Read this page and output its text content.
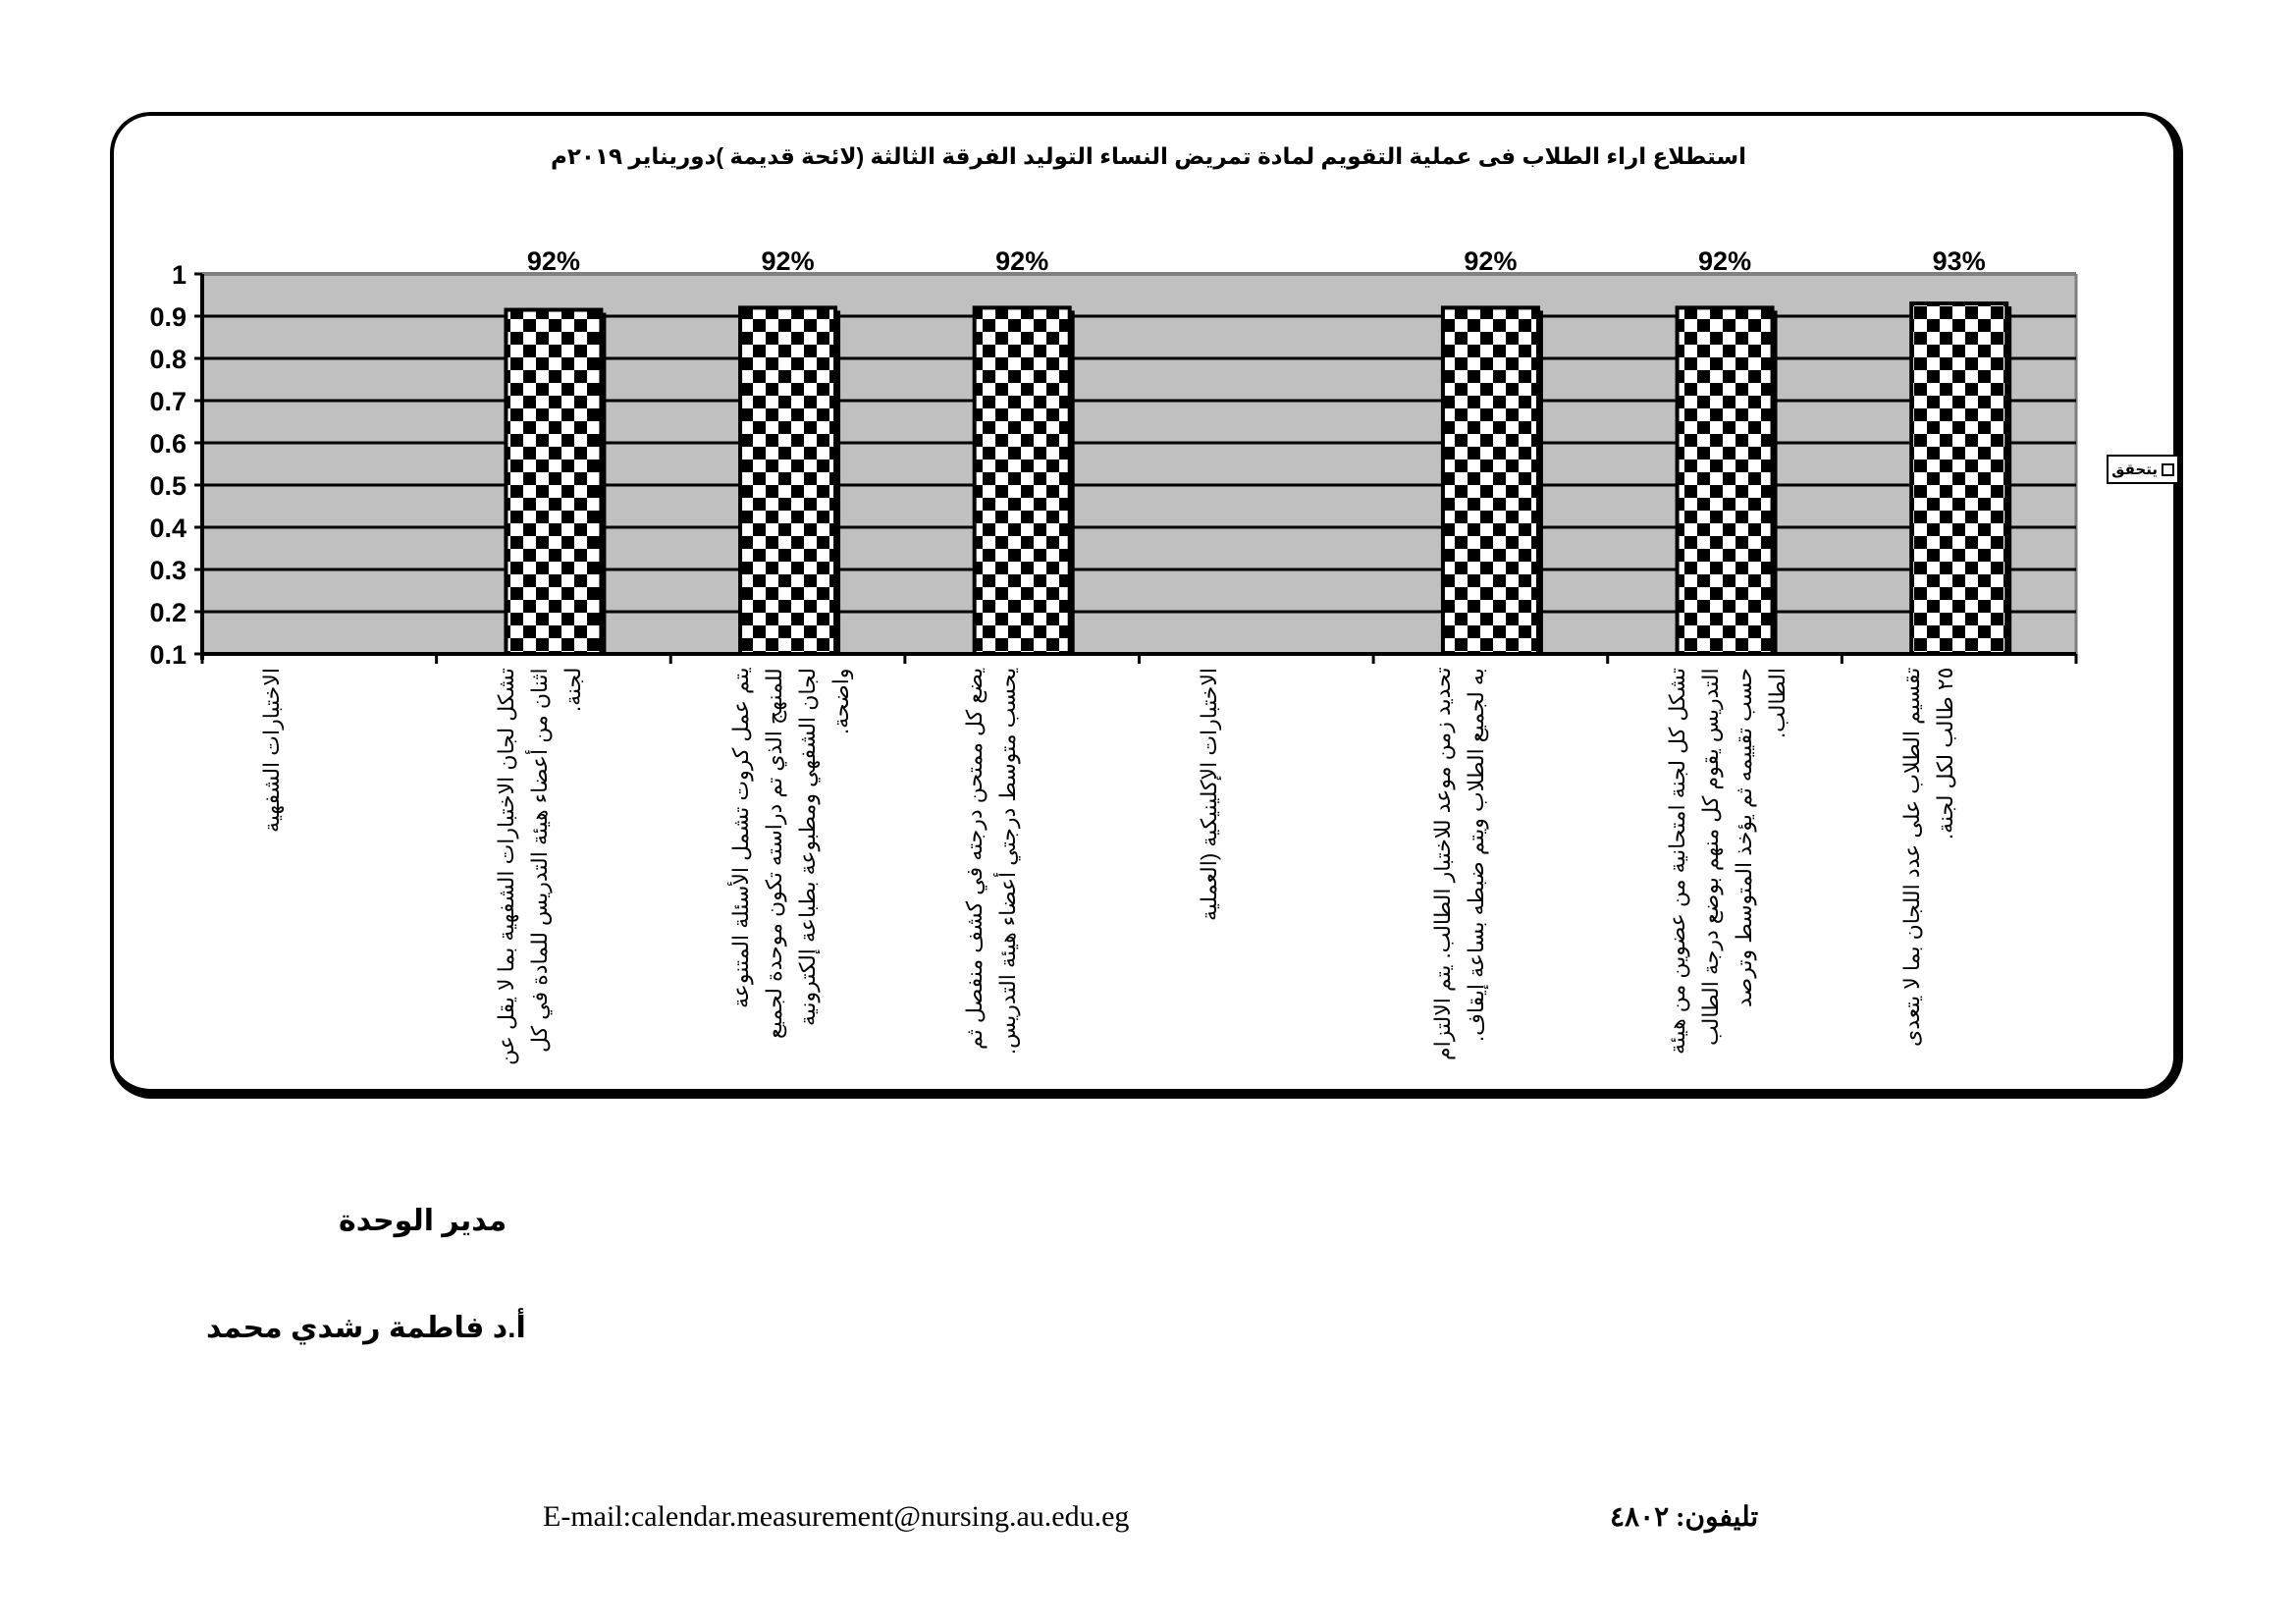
استطلاع اراء الطلاب فى عملية التقويم لمادة تمريض النساء التوليد الفرقة الثالثة (لائحة قديمة )دوريناير ٢٠١٩م
1
0.9
0.8
0.7
0.6
0.5
0.4
0.3
0.2
0.1
92%	92%	92%	92%	92%	93%
يتحقق
الاختبارات الشفهية	تشكل لجان الاختبارات الشفهية بما لا يقل عن اثنان من أعضاء هيئة التدريس للمادة في كل لجنة.	يتم عمل كروت تشمل الأسئلة المتنوعة للمنهج الذي تم دراسته تكون موحدة لجميع لجان الشفهي ومطبوعة بطباعة إلكترونية واضحة.	يضع كل ممتحن درجته في كشف منفصل ثم يحسب متوسط درجتي أعضاء هيئة التدريس.	الاختبارات الإكلينيكية (العملية	تحديد زمن موعد للاختبار الطالب. يتم الالتزام به لجميع الطلاب ويتم ضبطه بساعة إيقاف.	تشكل كل لجنة امتحانية من عضوين من هيئة التدريس يقوم كل منهم بوضع درجة الطالب حسب تقييمه ثم يؤخذ المتوسط وترصد الطالب.	تقسيم الطلاب على عدد اللجان بما لا يتعدى ٢٥ طالب لكل لجنة.
مدير الوحدة
أ.د فاطمة رشدي محمد
E-mail:calendar.measurement@nursing.au.edu.eg	تليفون: ٤٨٠٢
